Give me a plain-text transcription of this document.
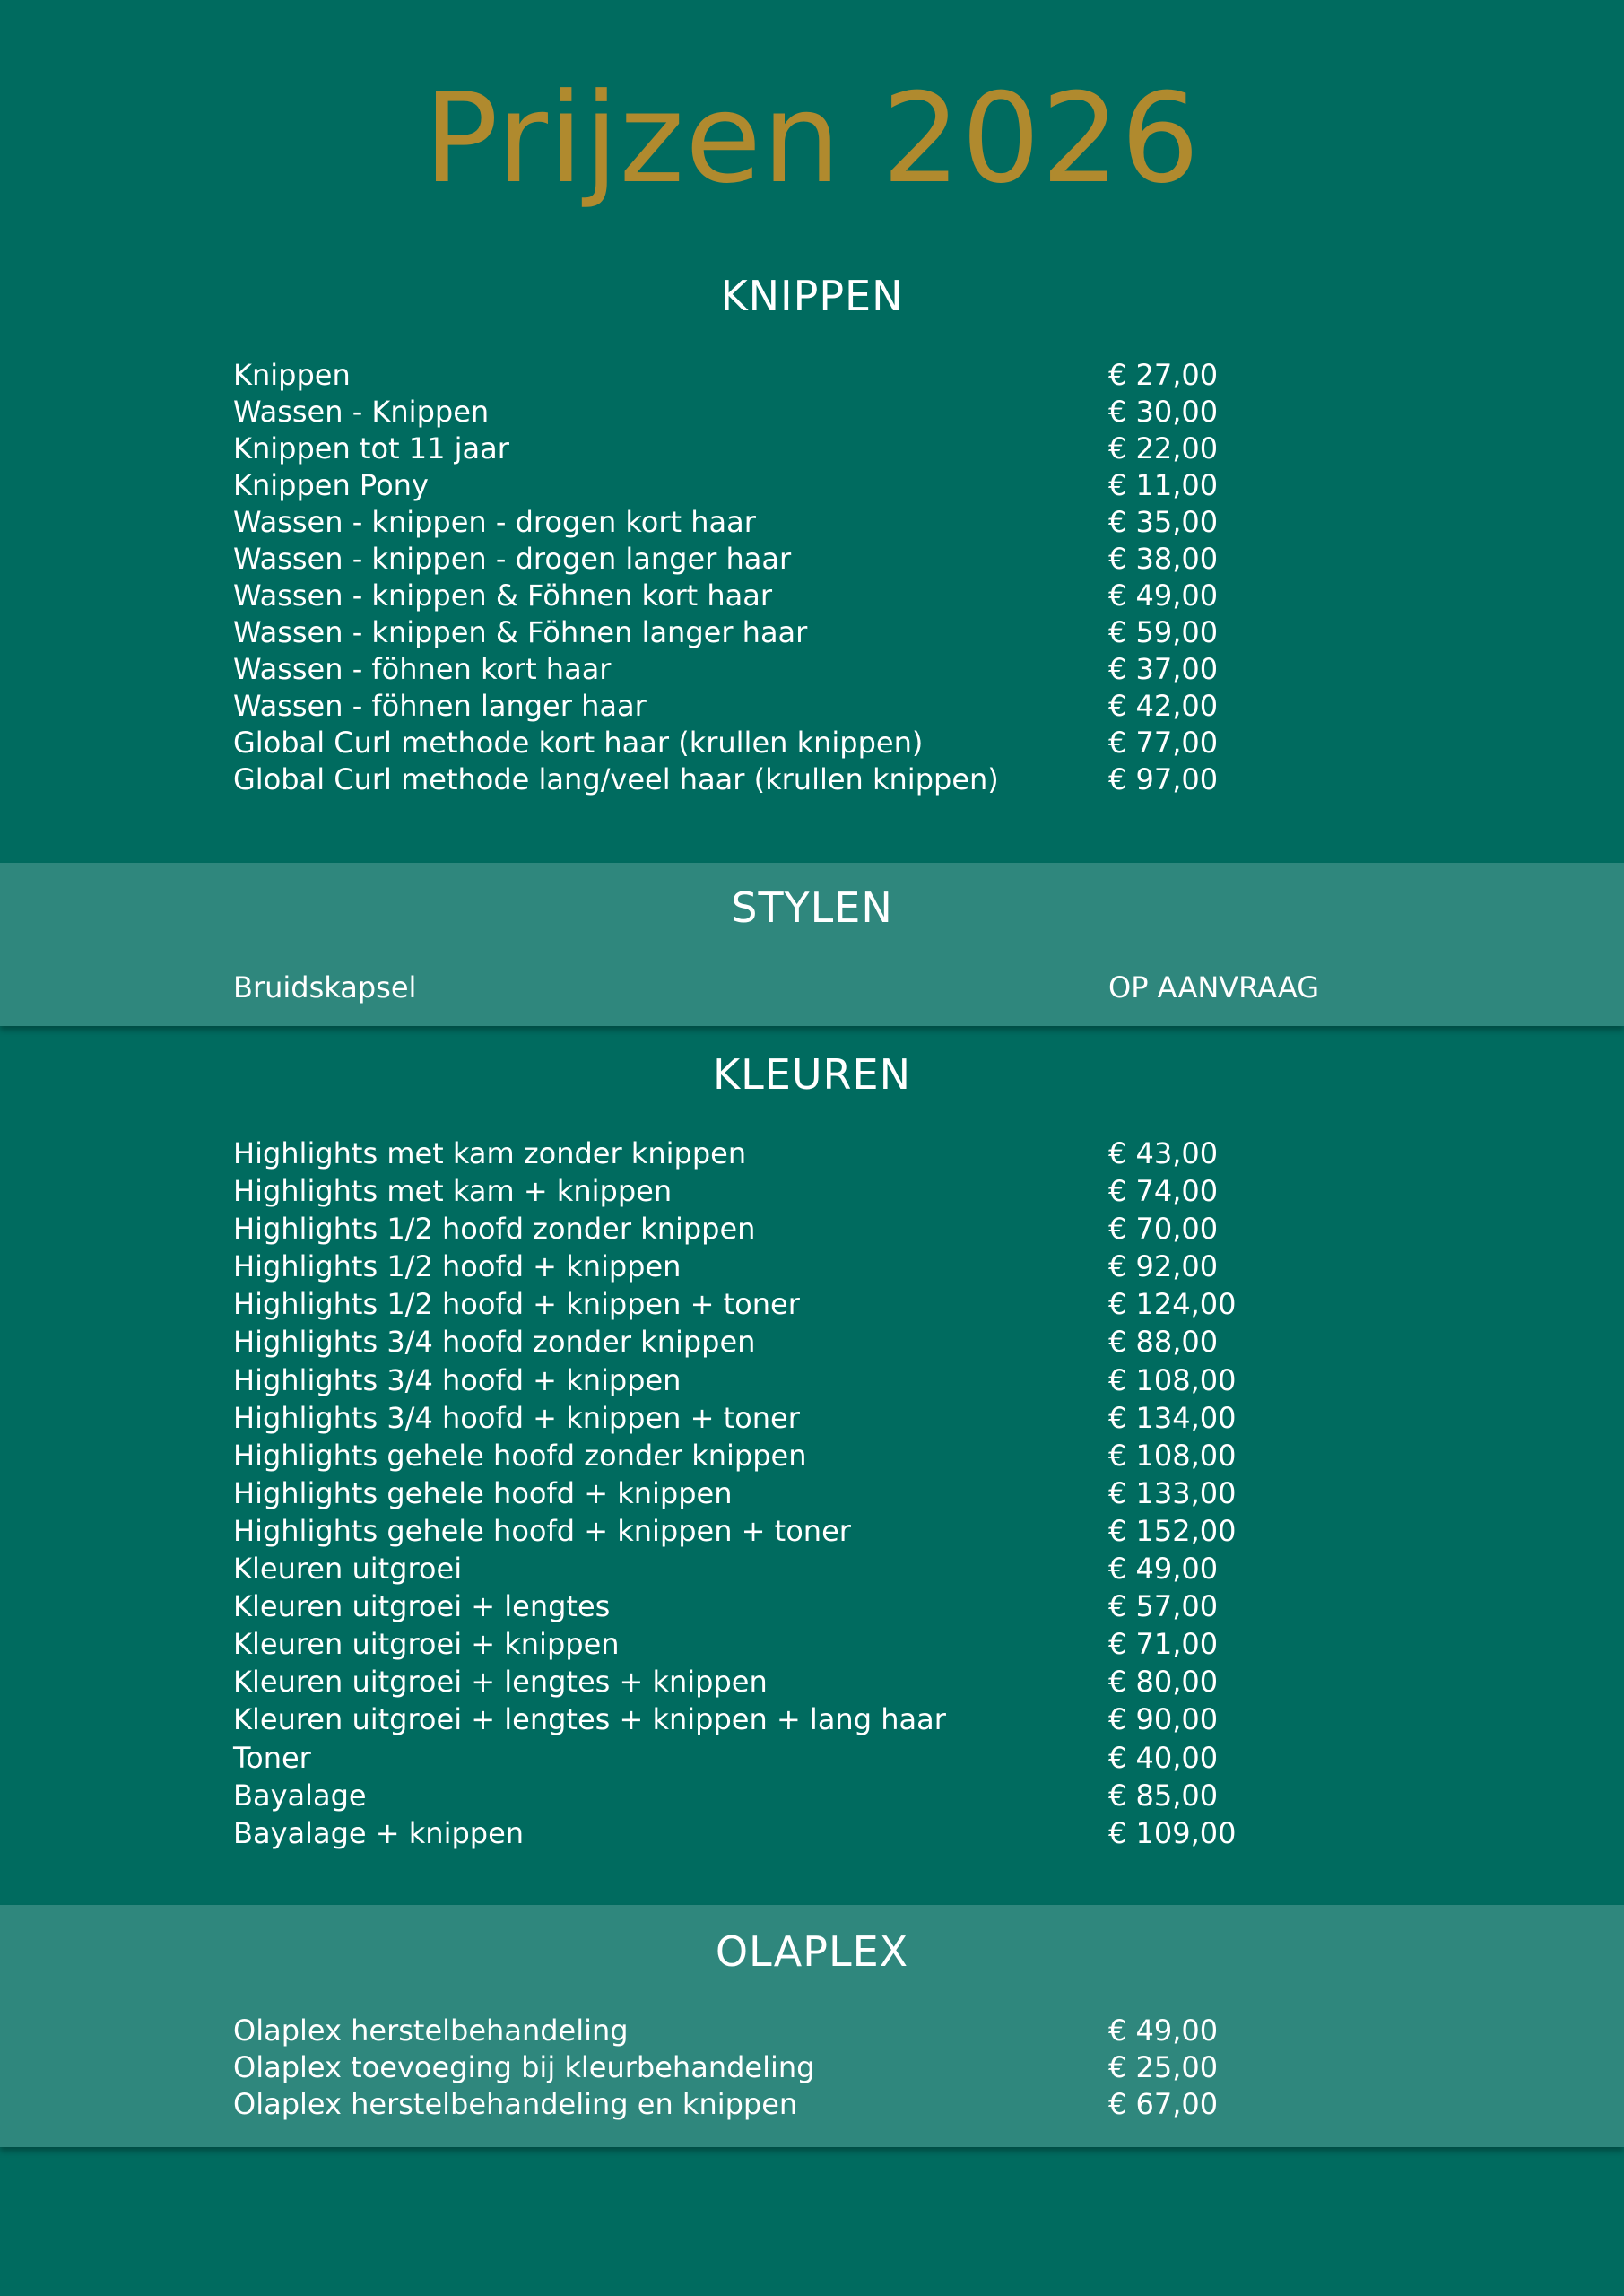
Prijzen 2026
KNIPPEN
Knippen	€ 27,00
Wassen - Knippen	€ 30,00
Knippen tot 11 jaar	€ 22,00
Knippen Pony	€ 11,00
Wassen - knippen - drogen kort haar	€ 35,00
Wassen - knippen - drogen langer haar	€ 38,00
Wassen - knippen & Föhnen kort haar	€ 49,00
Wassen - knippen & Föhnen langer haar	€ 59,00
Wassen - föhnen kort haar	€ 37,00
Wassen - föhnen langer haar	€ 42,00
Global Curl methode kort haar (krullen knippen)	€ 77,00
Global Curl methode lang/veel haar (krullen knippen)	€ 97,00
STYLEN
Bruidskapsel	OP AANVRAAG
KLEUREN
Highlights met kam zonder knippen	€ 43,00
Highlights met kam + knippen	€ 74,00
Highlights 1/2 hoofd zonder knippen	€ 70,00
Highlights 1/2 hoofd + knippen	€ 92,00
Highlights 1/2 hoofd + knippen + toner	€ 124,00
Highlights 3/4 hoofd zonder knippen	€ 88,00
Highlights 3/4 hoofd + knippen	€ 108,00
Highlights 3/4 hoofd + knippen + toner	€ 134,00
Highlights gehele hoofd zonder knippen	€ 108,00
Highlights gehele hoofd + knippen	€ 133,00
Highlights gehele hoofd + knippen + toner	€ 152,00
Kleuren uitgroei	€ 49,00
Kleuren uitgroei + lengtes	€ 57,00
Kleuren uitgroei + knippen	€ 71,00
Kleuren uitgroei + lengtes + knippen	€ 80,00
Kleuren uitgroei + lengtes + knippen + lang haar	€ 90,00
Toner	€ 40,00
Bayalage	€ 85,00
Bayalage + knippen	€ 109,00
OLAPLEX
Olaplex herstelbehandeling	€ 49,00
Olaplex toevoeging bij kleurbehandeling	€ 25,00
Olaplex herstelbehandeling en knippen	€ 67,00
